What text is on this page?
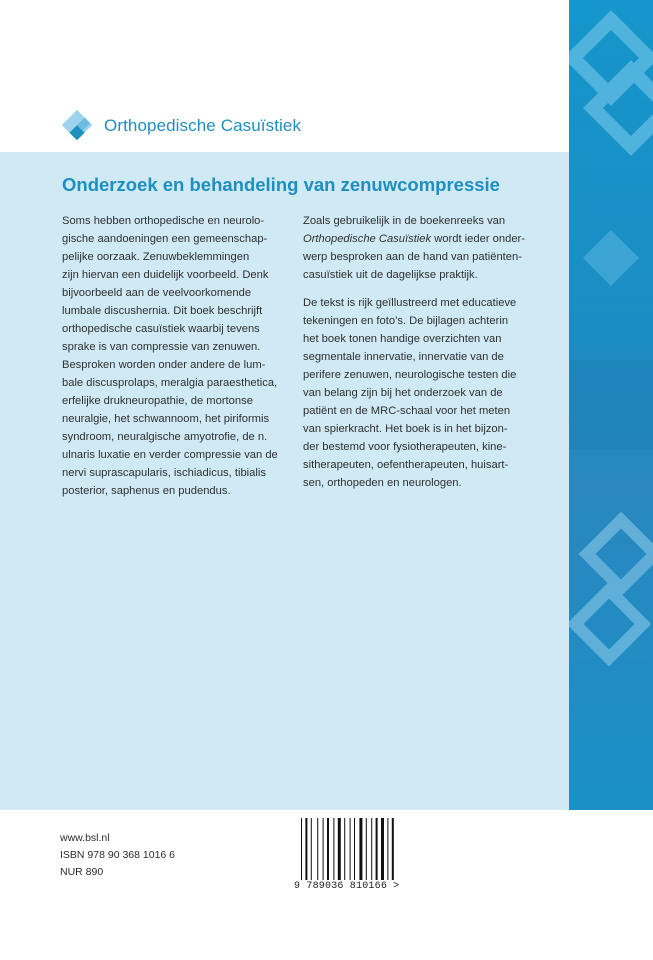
Orthopedische Casuïstiek
Onderzoek en behandeling van zenuwcompressie

Soms hebben orthopedische en neurolo-
gische aandoeningen een gemeenschap-
pelijke oorzaak. Zenuwbeklemmingen
zijn hiervan een duidelijk voorbeeld. Denk
bijvoorbeeld aan de veelvoorkomende
lumbale discushernia. Dit boek beschrijft
orthopedische casuïstiek waarbij tevens
sprake is van compressie van zenuwen.
Besproken worden onder andere de lum-
bale discusprolaps, meralgia paraesthetica,
erfelijke drukneuropathie, de mortonse
neuralgie, het schwannoom, het piriformis
syndroom, neuralgische amyotrofie, de n.
ulnaris luxatie en verder compressie van de
nervi suprascapularis, ischiadicus, tibialis
posterior, saphenus en pudendus.

Zoals gebruikelijk in de boekenreeks van
Orthopedische Casuïstiek wordt ieder onder-
werp besproken aan de hand van patiënten-
casuïstiek uit de dagelijkse praktijk.

De tekst is rijk geïllustreerd met educatieve
tekeningen en foto’s. De bijlagen achterin
het boek tonen handige overzichten van
segmentale innervatie, innervatie van de
perifere zenuwen, neurologische testen die
van belang zijn bij het onderzoek van de
patiënt en de MRC-schaal voor het meten
van spierkracht. Het boek is in het bijzon-
der bestemd voor fysiotherapeuten, kine-
sitherapeuten, oefentherapeuten, huisart-
sen, orthopeden en neurologen.

www.bsl.nl
ISBN 978 90 368 1016 6
NUR 890
9 789036 810166 >
